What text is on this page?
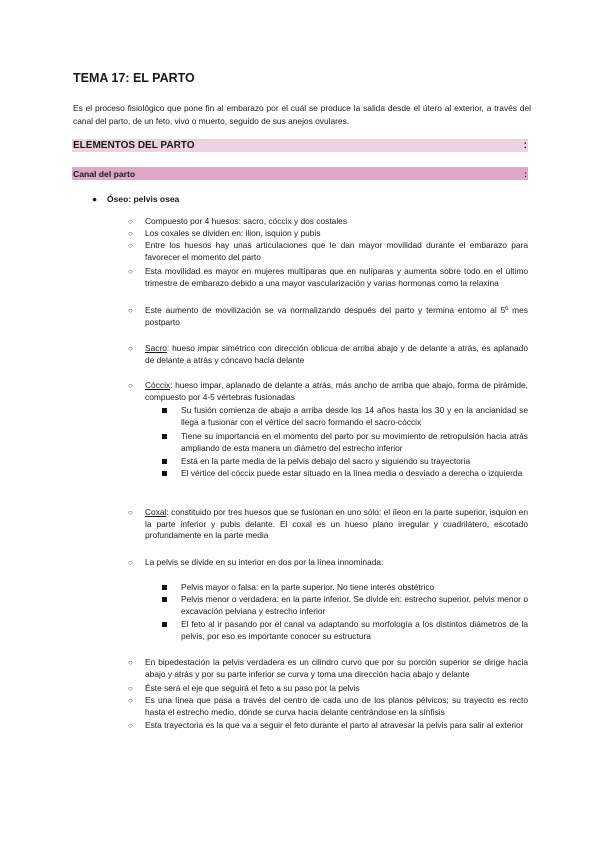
TEMA 17: EL PARTO

Es el proceso fisiológico que pone fin al embarazo por el cuál se produce la salida desde el útero al exterior, a través del canal del parto, de un feto, vivo o muerto, seguido de sus anejos ovulares.

ELEMENTOS DEL PARTO	:
Canal del parto	:
● Óseo: pelvis osea
○ Compuesto por 4 huesos: sacro, cóccix y dos costales
○ Los coxales se dividen en: ilion, isquion y pubis
○ Entre los huesos hay unas articulaciones que le dan mayor movilidad durante el embarazo para favorecer el momento del parto
○ Esta movilidad es mayor en mujeres multíparas que en nulíparas y aumenta sobre todo en el último trimestre de embarazo debido a una mayor vascularización y varias hormonas como la relaxina
○ Este aumento de movilización se va normalizando después del parto y termina entorno al 5º mes postparto
○ Sacro: hueso impar simétrico con dirección oblicua de arriba abajo y de delante a atrás, es aplanado de delante a atrás y cóncavo hacia delante
○ Cóccix: hueso impar, aplanado de delante a atrás, más ancho de arriba que abajo, forma de pirámide, compuesto por 4-5 vértebras fusionadas
Su fusión comienza de abajo a arriba desde los 14 años hasta los 30 y en la ancianidad se llega a fusionar con el vértice del sacro formando el sacro-cóccix
Tiene su importancia en el momento del parto por su movimiento de retropulsión hacia atrás ampliando de esta manera un diámetro del estrecho inferior
Está en la parte media de la pelvis debajo del sacro y siguiendo su trayectoria
El vértice del cóccix puede estar situado en la línea media o desviado a derecha o izquierda
○ Coxal: constituido por tres huesos que se fusionan en uno sólo: el íleon en la parte superior, isquion en la parte inferior y pubis delante. El coxal es un hueso plano irregular y cuadrilátero, escotado profundamente en la parte media
○ La pelvis se divide en su interior en dos por la línea innominada:
Pelvis mayor o falsa: en la parte superior. No tiene interés obstétrico
Pelvis menor o verdadera: en la parte inferior. Se divide en: estrecho superior, pelvis menor o excavación pelviana y estrecho inferior
El feto al ir pasando por el canal va adaptando su morfología a los distintos diámetros de la pelvis, por eso es importante conocer su estructura
○ En bipedestación la pelvis verdadera es un cilindro curvo que por su porción superior se dirige hacia abajo y atrás y por su parte inferior se curva y toma una dirección hacia abajo y delante
○ Éste será el eje que seguirá el feto a su paso por la pelvis
○ Es una línea que pasa a través del centro de cada uno de los planos pélvicos; su trayecto es recto hasta el estrecho medio, dónde se curva hacia delante centrándose en la sínfisis
○ Esta trayectoria es la que va a seguir el feto durante el parto al atravesar la pelvis para salir al exterior
